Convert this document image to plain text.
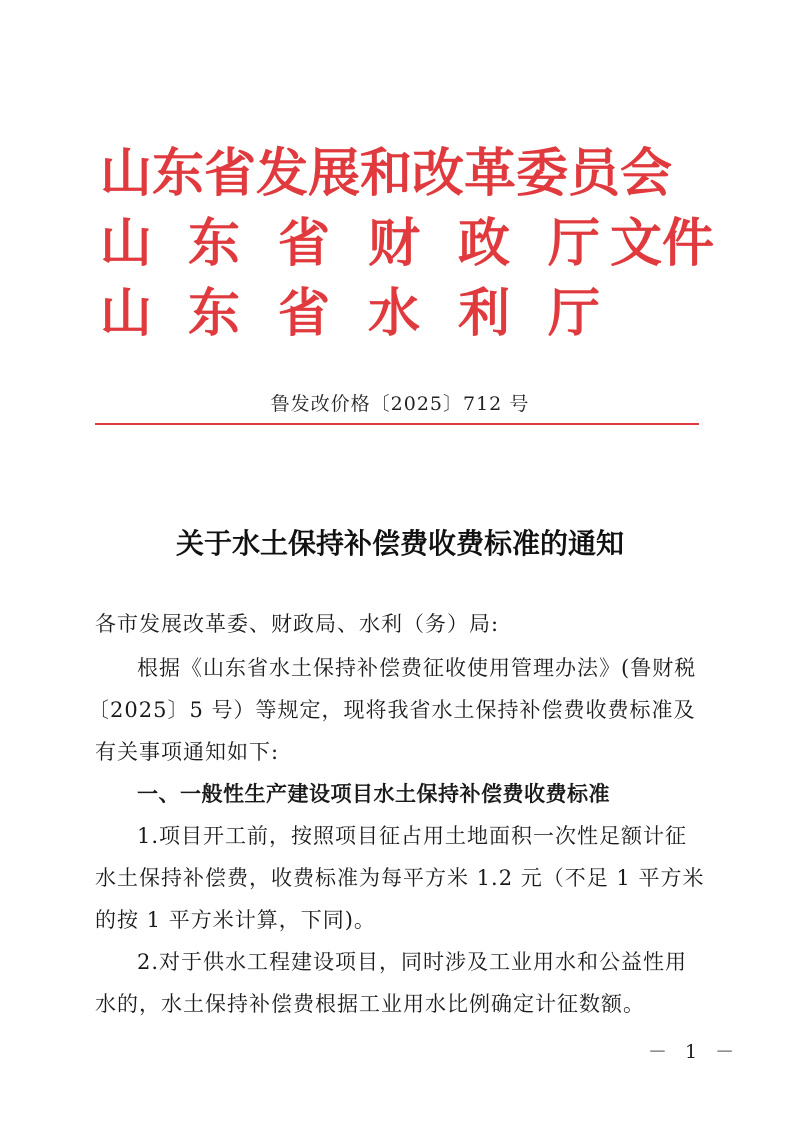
山东省发展和改革委员会
山 东 省 财 政 厅 文件
山 东 省 水 利 厅
鲁发改价格〔2025〕712 号
关于水土保持补偿费收费标准的通知
各市发展改革委、财政局、水利（务）局:
根据《山东省水土保持补偿费征收使用管理办法》(鲁财税
〔2025〕5 号）等规定，现将我省水土保持补偿费收费标准及
有关事项通知如下:
一、一般性生产建设项目水土保持补偿费收费标准
1.项目开工前，按照项目征占用土地面积一次性足额计征
水土保持补偿费，收费标准为每平方米 1.2 元（不足 1 平方米
的按 1 平方米计算，下同)。
2.对于供水工程建设项目，同时涉及工业用水和公益性用
水的，水土保持补偿费根据工业用水比例确定计征数额。
－ 1 －
